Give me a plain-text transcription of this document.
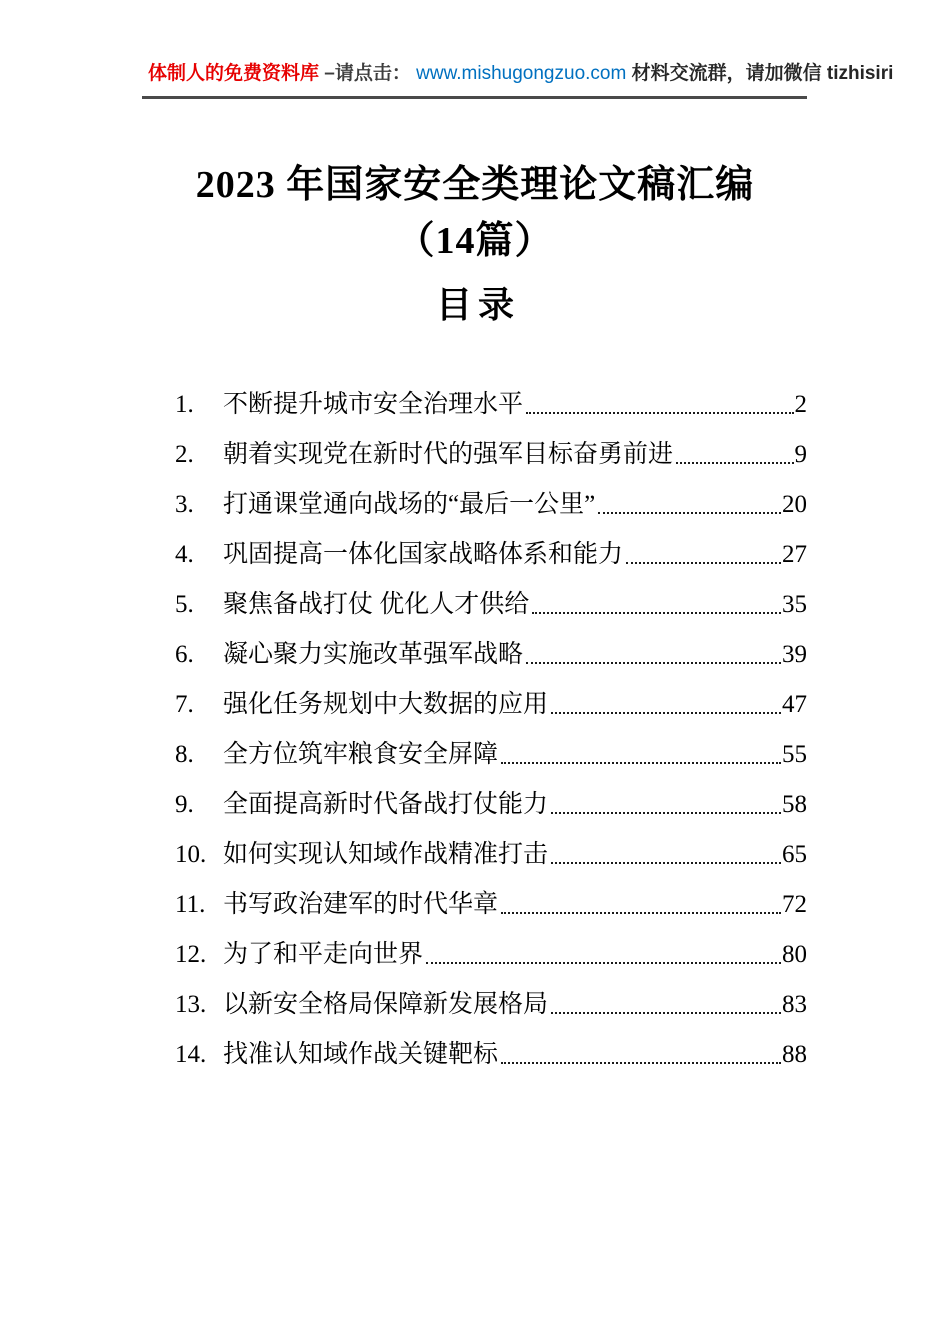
体制人的免费资料库 –请点击： www.mishugongzuo.com 材料交流群，请加微信 tizhisiri
2023 年国家安全类理论文稿汇编
（14篇）
目录
1.	不断提升城市安全治理水平	2
2.	朝着实现党在新时代的强军目标奋勇前进	9
3.	打通课堂通向战场的“最后一公里”	20
4.	巩固提高一体化国家战略体系和能力	27
5.	聚焦备战打仗 优化人才供给	35
6.	凝心聚力实施改革强军战略	39
7.	强化任务规划中大数据的应用	47
8.	全方位筑牢粮食安全屏障	55
9.	全面提高新时代备战打仗能力	58
10. 如何实现认知域作战精准打击	65
11. 书写政治建军的时代华章	72
12. 为了和平走向世界	80
13. 以新安全格局保障新发展格局	83
14. 找准认知域作战关键靶标	88
